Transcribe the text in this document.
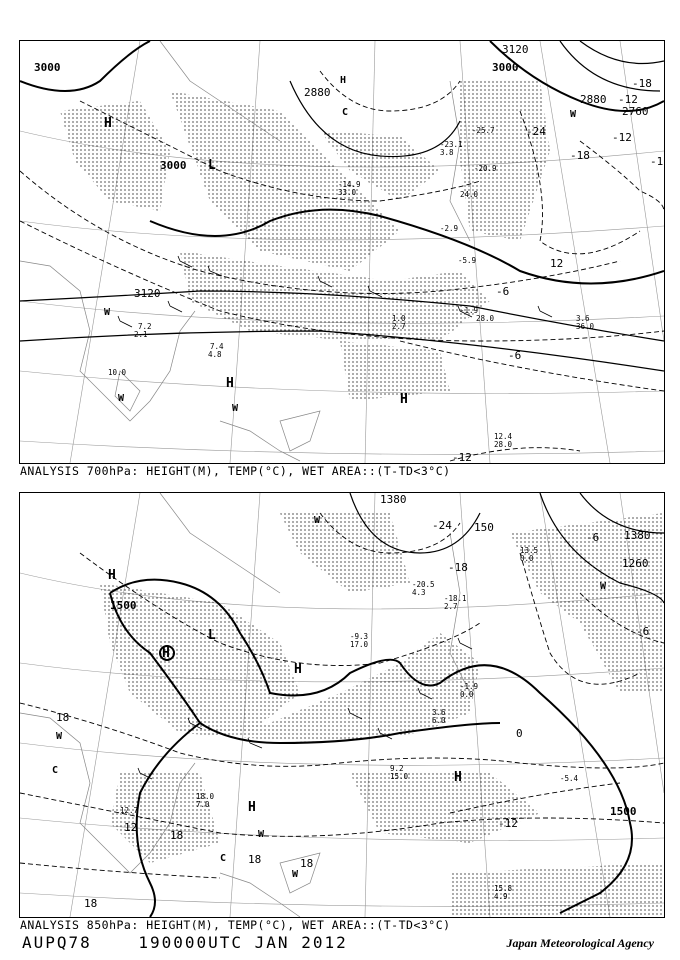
3000
3000
3000
3120
3120
2880
2760
2880
-24
-18
-18
-12
-12
-12
-6
-6
12
-1
H
L
H
H
H
C
W
W
W
W
7.2
2.1
7.4
4.8
10.0
3.6
36.0
1.0
2.7
12.4
28.0
-25.7
-20.9
24.0
-14.9
33.0
-2.9
-5.9
-1.9
28.0
-23.1
3.8
ANALYSIS 700hPa: HEIGHT(M), TEMP(°C), WET AREA::(T-TD<3°C)
1500
1500
1380
1380
1260
150
-24
-18
-12
-6
-6
0
18
18
18	18
18
12
H
L
H
H
H
H
C
C
W
W
W
W
W
15.8
4.9
9.2
15.0
18.0
7.0
-20.5
4.3
-18.1
2.7
-9.3
17.0
-1.9
0.0
3.6
6.0
13.5
0.0
12.7
-5.4
ANALYSIS 850hPa: HEIGHT(M), TEMP(°C), WET AREA::(T-TD<3°C)
AUPQ78	190000UTC JAN 2012	Japan Meteorological Agency
